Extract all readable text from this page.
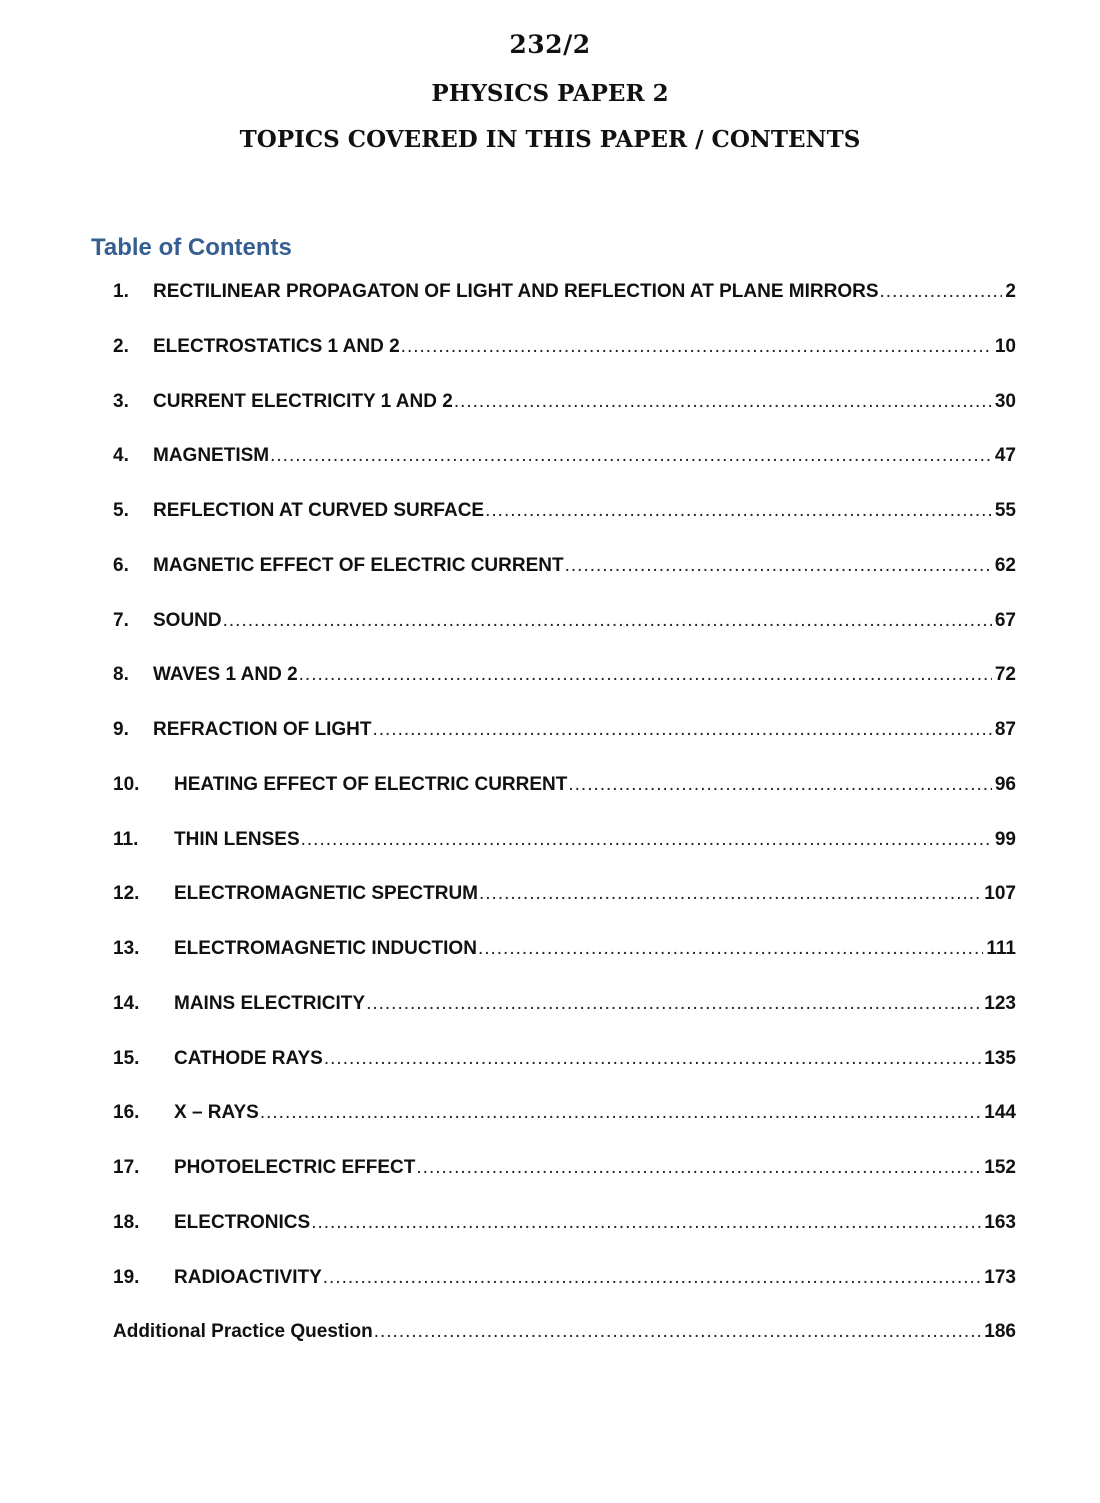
232/2
PHYSICS PAPER 2
TOPICS COVERED IN THIS PAPER / CONTENTS
Table of Contents
1.	RECTILINEAR PROPAGATON OF LIGHT AND REFLECTION AT PLANE MIRRORS .....	2
2.	ELECTROSTATICS 1 AND 2 .....	10
3.	CURRENT ELECTRICITY 1 AND 2 .....	30
4.	MAGNETISM .....	47
5.	REFLECTION AT CURVED SURFACE .....	55
6.	MAGNETIC EFFECT OF ELECTRIC CURRENT .....	62
7.	SOUND .....	67
8.	WAVES 1 AND 2 .....	72
9.	REFRACTION OF LIGHT .....	87
10.	HEATING EFFECT OF ELECTRIC CURRENT .....	96
11.	THIN LENSES .....	99
12.	ELECTROMAGNETIC SPECTRUM .....	107
13.	ELECTROMAGNETIC INDUCTION .....	111
14.	MAINS ELECTRICITY .....	123
15.	CATHODE RAYS .....	135
16.	X – RAYS .....	144
17.	PHOTOELECTRIC EFFECT .....	152
18.	ELECTRONICS .....	163
19.	RADIOACTIVITY .....	173
Additional Practice Question .....	186
